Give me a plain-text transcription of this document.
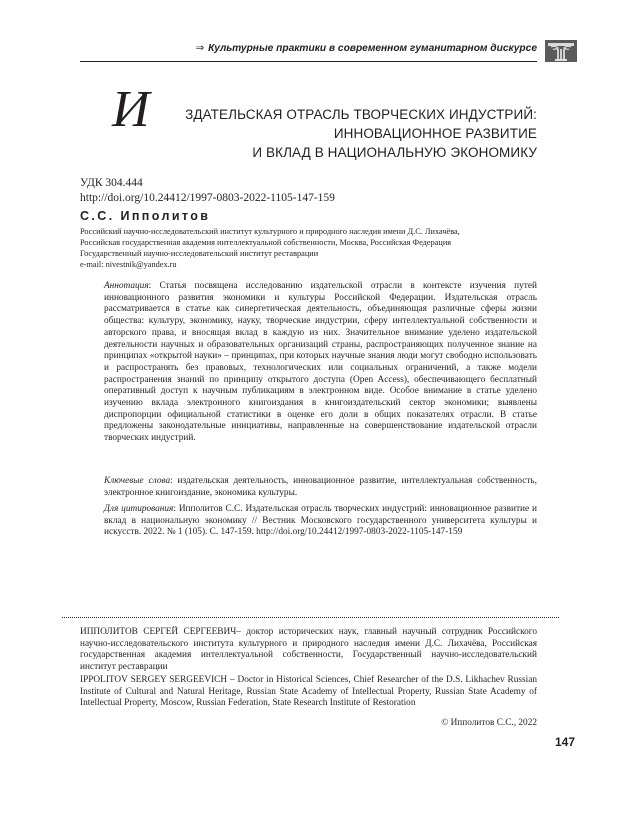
⇒ Культурные практики в современном гуманитарном дискурсе
И	ЗДАТЕЛЬСКАЯ ОТРАСЛЬ ТВОРЧЕСКИХ ИНДУСТРИЙ:
ИННОВАЦИОННОЕ РАЗВИТИЕ
И ВКЛАД В НАЦИОНАЛЬНУЮ ЭКОНОМИКУ
УДК 304.444
http://doi.org/10.24412/1997-0803-2022-1105-147-159
С.С. Ипполитов
Российский научно-исследовательский институт культурного и природного наследия имени Д.С. Лихачёва,
Российская государственная академия интеллектуальной собственности, Москва, Российская Федерация
Государственный научно-исследовательский институт реставрации
e-mail: nivestnik@yandex.ru
Аннотация: Статья посвящена исследованию издательской отрасли в контексте изучения путей инновационного развития экономики и культуры Российской Федерации. Издательская отрасль рассматривается в статье как синергетическая деятельность, объединяющая различные сферы жизни общества: культуру, экономику, науку, творческие индустрии, сферу интеллектуальной собственности и авторского права, и вносящая вклад в каждую из них. Значительное внимание уделено издательской деятельности научных и образовательных организаций страны, распространяющих полученное знание на принципах «открытой науки» – принципах, при которых научные знания люди могут свободно использовать и распространять без правовых, технологических или социальных ограничений, а также модели распространения знаний по принципу открытого доступа (Open Access), обеспечивающего бесплатный оперативный доступ к научным публикациям в электронном виде. Особое внимание в статье уделено изучению вклада электронного книгоиздания в книгоиздательский сектор экономики; выявлены диспропорции официальной статистики в оценке его доли в общих показателях отрасли. В статье предложены законодательные инициативы, направленные на совершенствование издательской отрасли творческих индустрий.
Ключевые слова: издательская деятельность, инновационное развитие, интеллектуальная собственность, электронное книгоиздание, экономика культуры.
Для цитирования: Ипполитов С.С. Издательская отрасль творческих индустрий: инновационное развитие и вклад в национальную экономику // Вестник Московского государственного университета культуры и искусств. 2022. № 1 (105). С. 147-159. http://doi.org/10.24412/1997-0803-2022-1105-147-159
ИППОЛИТОВ СЕРГЕЙ СЕРГЕЕВИЧ– доктор исторических наук, главный научный сотрудник Российского научно-исследовательского института культурного и природного наследия имени Д.С. Лихачёва, Российская государственная академия интеллектуальной собственности, Государственный научно-исследовательский институт реставрации
IPPOLITOV SERGEY SERGEEVICH – Doctor in Historical Sciences, Chief Researcher of the D.S. Likhachev Russian Institute of Cultural and Natural Heritage, Russian State Academy of Intellectual Property, Russian State Academy of Intellectual Property, Moscow, Russian Federation, State Research Institute of Restoration
© Ипполитов С.С., 2022
147
